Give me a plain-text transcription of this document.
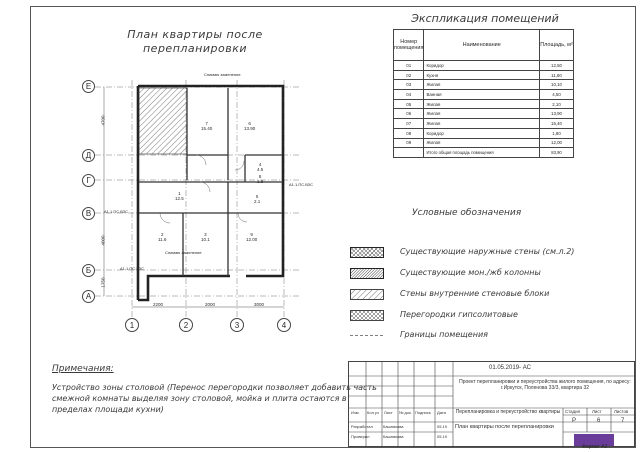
План квартиры после
перепланировки
7
15.40
6
13.90
4
4.5
1
12.5	5
2.1
2
11.6
3
10.1
9
12.00
8
1.8
Снимаю заменение
Снимаю заменение
А1.1.ПС.ВЗС
А1.1.ПС.ВЗС
А1.1.ПС.ВЗС
Е
Д
Г
В
Б
А
1	2	3	4
2200	2000	3000
4700
4000
1750
Экспликация помещений
Номер помещения	Наименование	Площадь, м²
01	Коридор	12,50
02	Кухня	11,60
03	Жилая	10,10
04	Ванная	4,50
05	Жилая	2,10
06	Жилая	13,90
07	Жилая	15,40
08	Коридор	1,80
09	Жилая	12,00
	Итого общая площадь помещения	83,90
Условные обозначения
Существующие наружные стены (см.л.2)
Существующие мон./жб колонны
Стены внутренние стеновые блоки
Перегородки гипсолитовые
Границы помещения
Примечания:
Устройство зоны столовой (Перенос перегородки позволяет добавить часть смежной комнаты выделяя зону столовой, мойка и плита остаются в пределах площади кухни)
01.05.2019- АС
Проект перепланировки и переустройства жилого помещения, по адресу: г.Иркутск, Поленова 33/3, квартира 32
Перепланировка и переустройство квартиры
План квартиры после перепланировки
Стадия	Лист	Листов
Р	6	7
Изм. Кол.уч Лист № док. Подпись Дата
Разработал	Кашникова	05.19
Проверил	Кашникова	05.19
Формат А3
